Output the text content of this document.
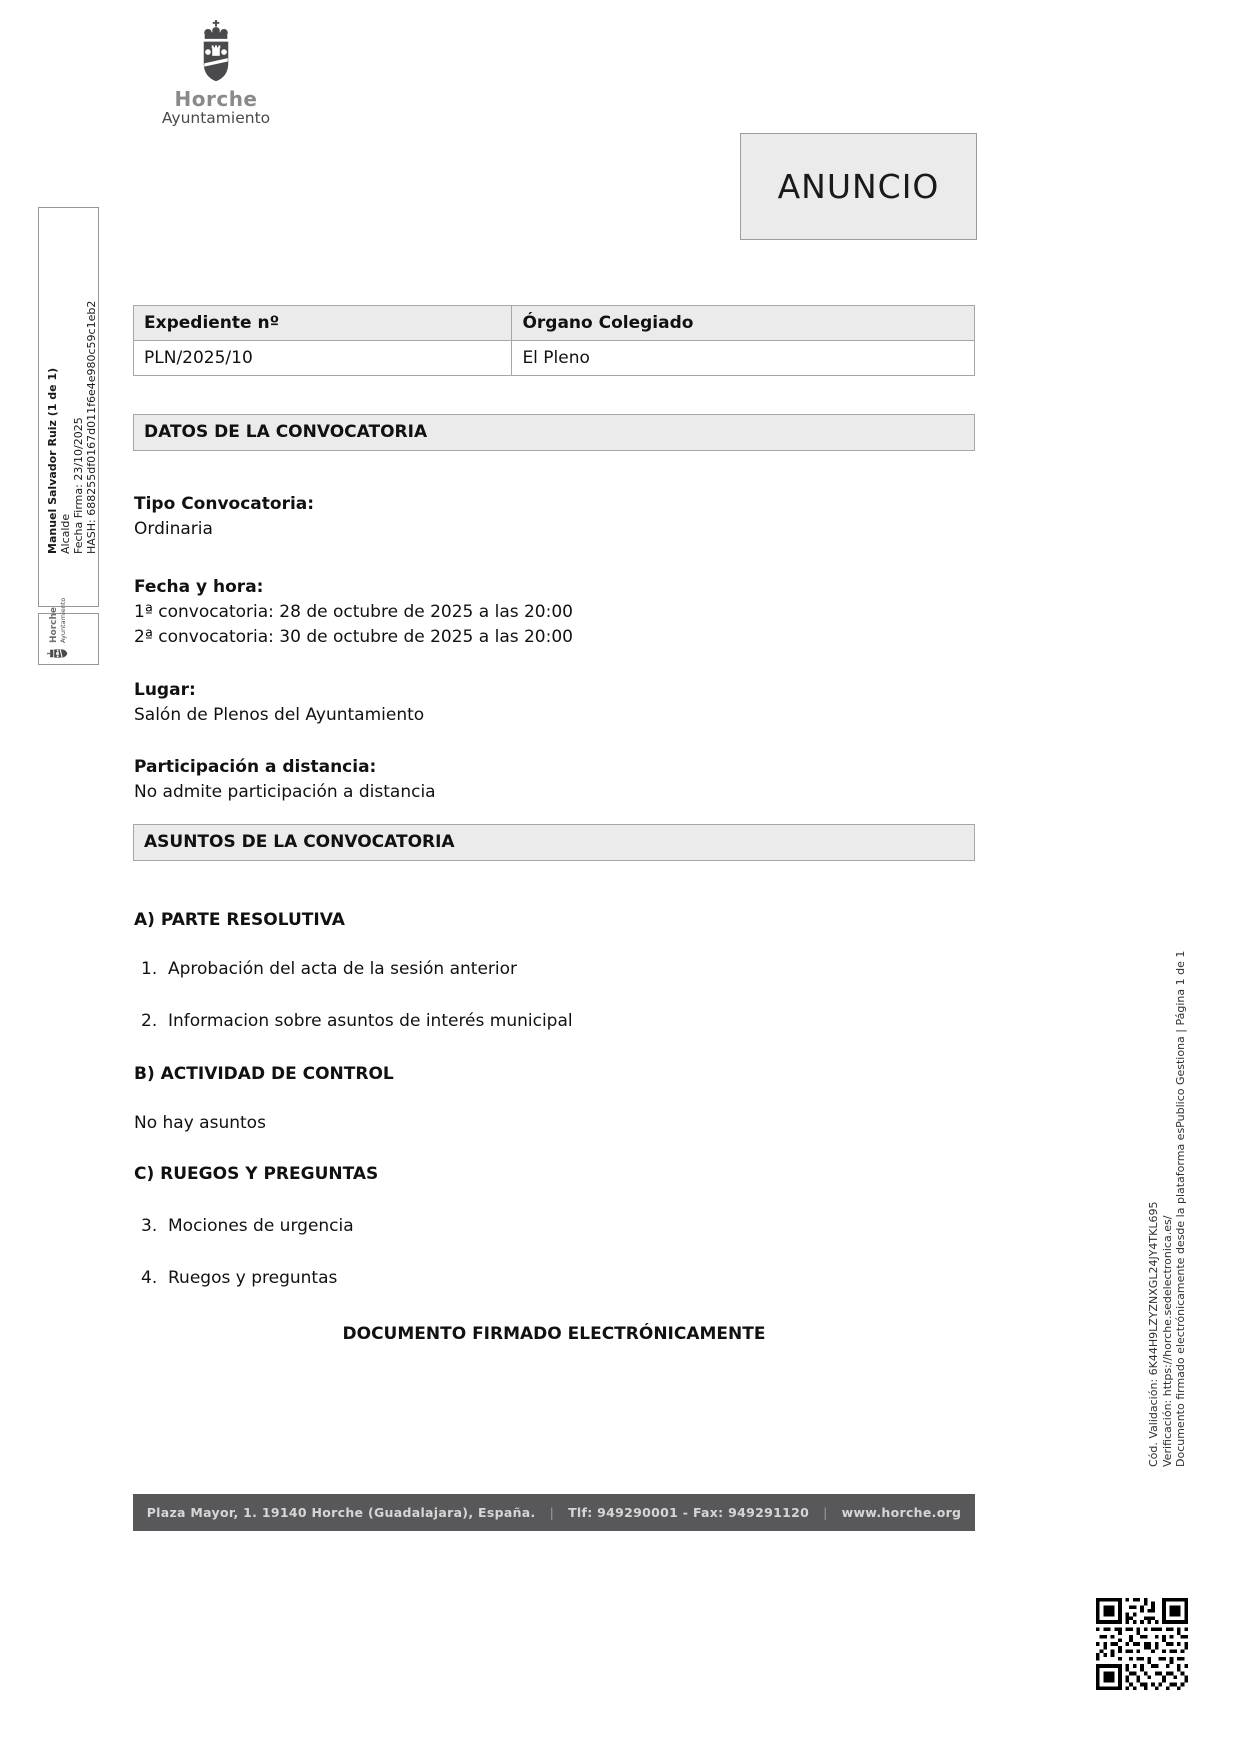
Horche
Ayuntamiento
ANUNCIO
Expediente nº	Órgano Colegiado
PLN/2025/10	El Pleno
DATOS DE LA CONVOCATORIA
Tipo Convocatoria:
Ordinaria
Fecha y hora:
1ª convocatoria: 28 de octubre de 2025 a las 20:00
2ª convocatoria: 30 de octubre de 2025 a las 20:00
Lugar:
Salón de Plenos del Ayuntamiento
Participación a distancia:
No admite participación a distancia
ASUNTOS DE LA CONVOCATORIA
A) PARTE RESOLUTIVA
1. Aprobación del acta de la sesión anterior
2. Informacion sobre asuntos de interés municipal
B) ACTIVIDAD DE CONTROL
No hay asuntos
C) RUEGOS Y PREGUNTAS
3. Mociones de urgencia
4. Ruegos y preguntas
DOCUMENTO FIRMADO ELECTRÓNICAMENTE
Plaza Mayor, 1. 19140 Horche (Guadalajara), España. | Tlf: 949290001 - Fax: 949291120 | www.horche.org
Manuel Salvador Ruiz (1 de 1) Alcalde Fecha Firma: 23/10/2025 HASH: 688255df0167d011f6e4e980c59c1eb2
Horche Ayuntamiento
Cód. Validación: 6K44H9LZYZNXGL24JY4TKL695 Verificación: https://horche.sedelectronica.es/ Documento firmado electrónicamente desde la plataforma esPublico Gestiona | Página 1 de 1
